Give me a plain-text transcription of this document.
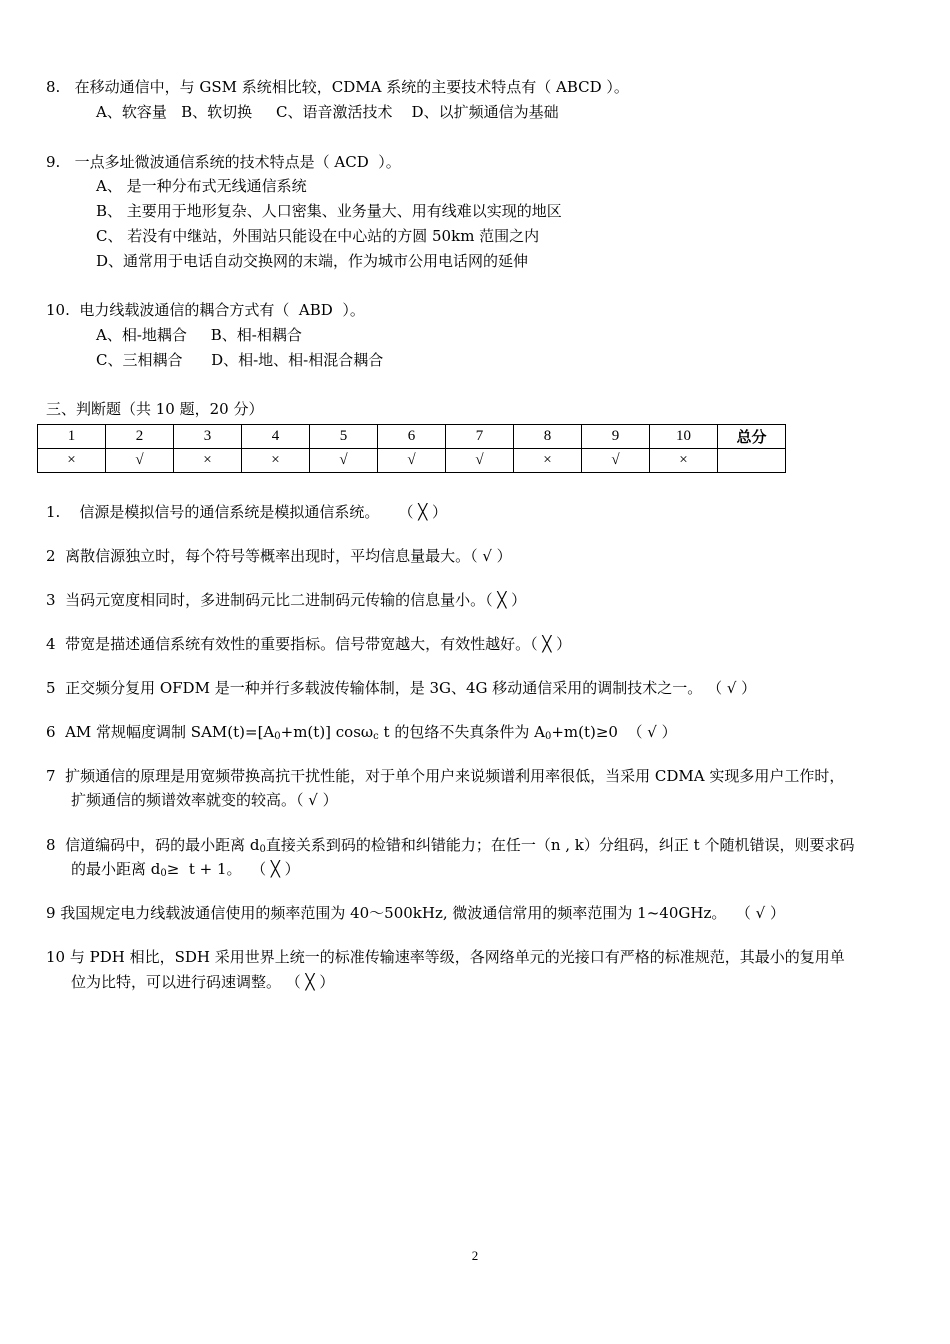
8.   在移动通信中，与 GSM 系统相比较，CDMA 系统的主要技术特点有（ ABCD ）。
A、软容量   B、软切换     C、语音激活技术    D、以扩频通信为基础
9.   一点多址微波通信系统的技术特点是（ ACD  ）。
A、 是一种分布式无线通信系统
B、 主要用于地形复杂、人口密集、业务量大、用有线难以实现的地区
C、 若没有中继站，外围站只能设在中心站的方圆 50km 范围之内
D、通常用于电话自动交换网的末端，作为城市公用电话网的延伸
10.  电力线载波通信的耦合方式有（  ABD  ）。
A、相-地耦合     B、相-相耦合
C、三相耦合      D、相-地、相-相混合耦合
三、判断题（共 10 题，20 分）
1	2	3	4	5	6	7	8	9	10	总分
×	√	×	×	√	√	√	×	√	×	
1.    信源是模拟信号的通信系统是模拟通信系统。    （ ╳ ）
2  离散信源独立时，每个符号等概率出现时，平均信息量最大。（ √ ）
3  当码元宽度相同时，多进制码元比二进制码元传输的信息量小。（ ╳ ）
4  带宽是描述通信系统有效性的重要指标。信号带宽越大，有效性越好。（ ╳ ）
5  正交频分复用 OFDM 是一种并行多载波传输体制，是 3G、4G 移动通信采用的调制技术之一。 （ √ ）
6  AM 常规幅度调制 $SAM(t)=[A_0+m(t)]$ cosω$_c$ t 的包络不失真条件为 $A_0+m(t)\ge 0$  （ √ ）
7  扩频通信的原理是用宽频带换高抗干扰性能，对于单个用户来说频谱利用率很低，当采用 CDMA 实现多用户工作时，
扩频通信的频谱效率就变的较高。（ √ ）
8  信道编码中，码的最小距离 $d_0$直接关系到码的检错和纠错能力；在任一（n , k）分组码，纠正 t 个随机错误，则要求码
的最小距离 $d_0\ge t + 1$。  （ ╳ ）
9 我国规定电力线载波通信使用的频率范围为 40～500kHz, 微波通信常用的频率范围为 1~40GHz。  （ √ ）
10 与 PDH 相比，SDH 采用世界上统一的标准传输速率等级，各网络单元的光接口有严格的标准规范，其最小的复用单
位为比特，可以进行码速调整。 （ ╳ ）
2
